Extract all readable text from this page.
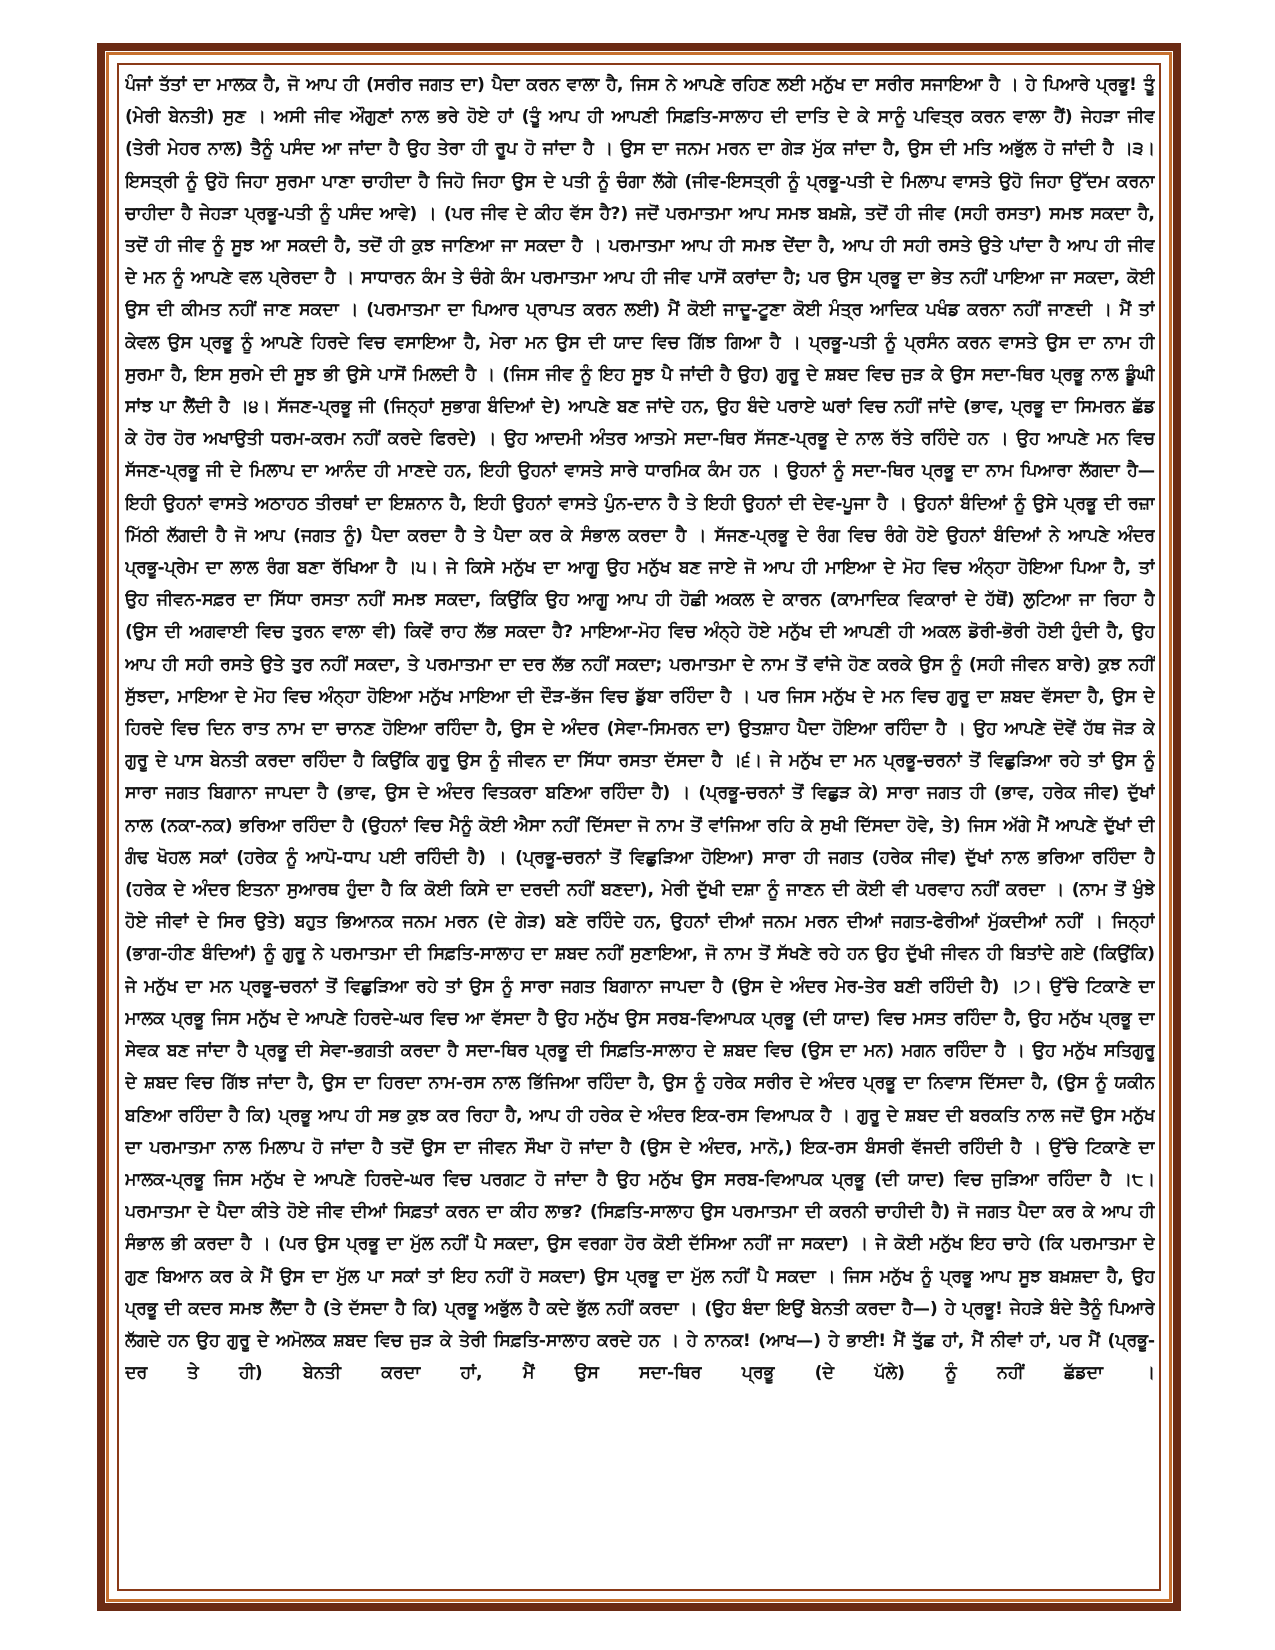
ਪੰਜਾਂ ਤੱਤਾਂ ਦਾ ਮਾਲਕ ਹੈ, ਜੋ ਆਪ ਹੀ (ਸਰੀਰ ਜਗਤ ਦਾ) ਪੈਦਾ ਕਰਨ ਵਾਲਾ ਹੈ, ਜਿਸ ਨੇ ਆਪਣੇ ਰਹਿਣ ਲਈ ਮਨੁੱਖ ਦਾ ਸਰੀਰ ਸਜਾਇਆ ਹੈ । ਹੇ ਪਿਆਰੇ ਪ੍ਰਭੂ! ਤੂੰ (ਮੇਰੀ ਬੇਨਤੀ) ਸੁਣ । ਅਸੀ ਜੀਵ ਔਗੁਣਾਂ ਨਾਲ ਭਰੇ ਹੋਏ ਹਾਂ (ਤੂੰ ਆਪ ਹੀ ਆਪਣੀ ਸਿਫ਼ਤਿ-ਸਾਲਾਹ ਦੀ ਦਾਤਿ ਦੇ ਕੇ ਸਾਨੂੰ ਪਵਿਤ੍ਰ ਕਰਨ ਵਾਲਾ ਹੈਂ) ਜੇਹੜਾ ਜੀਵ (ਤੇਰੀ ਮੇਹਰ ਨਾਲ) ਤੈਨੂੰ ਪਸੰਦ ਆ ਜਾਂਦਾ ਹੈ ਉਹ ਤੇਰਾ ਹੀ ਰੂਪ ਹੋ ਜਾਂਦਾ ਹੈ । ਉਸ ਦਾ ਜਨਮ ਮਰਨ ਦਾ ਗੇੜ ਮੁੱਕ ਜਾਂਦਾ ਹੈ, ਉਸ ਦੀ ਮਤਿ ਅਭੁੱਲ ਹੋ ਜਾਂਦੀ ਹੈ ।੩। ਇਸਤ੍ਰੀ ਨੂੰ ਉਹੋ ਜਿਹਾ ਸੁਰਮਾ ਪਾਣਾ ਚਾਹੀਦਾ ਹੈ ਜਿਹੋ ਜਿਹਾ ਉਸ ਦੇ ਪਤੀ ਨੂੰ ਚੰਗਾ ਲੱਗੇ (ਜੀਵ-ਇਸਤ੍ਰੀ ਨੂੰ ਪ੍ਰਭੂ-ਪਤੀ ਦੇ ਮਿਲਾਪ ਵਾਸਤੇ ਉਹੋ ਜਿਹਾ ਉੱਦਮ ਕਰਨਾ ਚਾਹੀਦਾ ਹੈ ਜੇਹੜਾ ਪ੍ਰਭੂ-ਪਤੀ ਨੂੰ ਪਸੰਦ ਆਵੇ) । (ਪਰ ਜੀਵ ਦੇ ਕੀਹ ਵੱਸ ਹੈ?) ਜਦੋਂ ਪਰਮਾਤਮਾ ਆਪ ਸਮਝ ਬਖ਼ਸ਼ੇ, ਤਦੋਂ ਹੀ ਜੀਵ (ਸਹੀ ਰਸਤਾ) ਸਮਝ ਸਕਦਾ ਹੈ, ਤਦੋਂ ਹੀ ਜੀਵ ਨੂੰ ਸੂਝ ਆ ਸਕਦੀ ਹੈ, ਤਦੋਂ ਹੀ ਕੁਝ ਜਾਣਿਆ ਜਾ ਸਕਦਾ ਹੈ । ਪਰਮਾਤਮਾ ਆਪ ਹੀ ਸਮਝ ਦੇਂਦਾ ਹੈ, ਆਪ ਹੀ ਸਹੀ ਰਸਤੇ ਉਤੇ ਪਾਂਦਾ ਹੈ ਆਪ ਹੀ ਜੀਵ ਦੇ ਮਨ ਨੂੰ ਆਪਣੇ ਵਲ ਪ੍ਰੇਰਦਾ ਹੈ । ਸਾਧਾਰਨ ਕੰਮ ਤੇ ਚੰਗੇ ਕੰਮ ਪਰਮਾਤਮਾ ਆਪ ਹੀ ਜੀਵ ਪਾਸੋਂ ਕਰਾਂਦਾ ਹੈ; ਪਰ ਉਸ ਪ੍ਰਭੂ ਦਾ ਭੇਤ ਨਹੀਂ ਪਾਇਆ ਜਾ ਸਕਦਾ, ਕੋਈ ਉਸ ਦੀ ਕੀਮਤ ਨਹੀਂ ਜਾਣ ਸਕਦਾ । (ਪਰਮਾਤਮਾ ਦਾ ਪਿਆਰ ਪ੍ਰਾਪਤ ਕਰਨ ਲਈ) ਮੈਂ ਕੋਈ ਜਾਦੂ-ਟੂਣਾ ਕੋਈ ਮੰਤ੍ਰ ਆਦਿਕ ਪਖੰਡ ਕਰਨਾ ਨਹੀਂ ਜਾਣਦੀ । ਮੈਂ ਤਾਂ ਕੇਵਲ ਉਸ ਪ੍ਰਭੂ ਨੂੰ ਆਪਣੇ ਹਿਰਦੇ ਵਿਚ ਵਸਾਇਆ ਹੈ, ਮੇਰਾ ਮਨ ਉਸ ਦੀ ਯਾਦ ਵਿਚ ਗਿੱਝ ਗਿਆ ਹੈ । ਪ੍ਰਭੂ-ਪਤੀ ਨੂੰ ਪ੍ਰਸੰਨ ਕਰਨ ਵਾਸਤੇ ਉਸ ਦਾ ਨਾਮ ਹੀ ਸੁਰਮਾ ਹੈ, ਇਸ ਸੁਰਮੇ ਦੀ ਸੂਝ ਭੀ ਉਸੇ ਪਾਸੋਂ ਮਿਲਦੀ ਹੈ । (ਜਿਸ ਜੀਵ ਨੂੰ ਇਹ ਸੂਝ ਪੈ ਜਾਂਦੀ ਹੈ ਉਹ) ਗੁਰੂ ਦੇ ਸ਼ਬਦ ਵਿਚ ਜੁੜ ਕੇ ਉਸ ਸਦਾ-ਥਿਰ ਪ੍ਰਭੂ ਨਾਲ ਡੂੰਘੀ ਸਾਂਝ ਪਾ ਲੈਂਦੀ ਹੈ ।੪। ਸੱਜਣ-ਪ੍ਰਭੂ ਜੀ (ਜਿਨ੍ਹਾਂ ਸੁਭਾਗ ਬੰਦਿਆਂ ਦੇ) ਆਪਣੇ ਬਣ ਜਾਂਦੇ ਹਨ, ਉਹ ਬੰਦੇ ਪਰਾਏ ਘਰਾਂ ਵਿਚ ਨਹੀਂ ਜਾਂਦੇ (ਭਾਵ, ਪ੍ਰਭੂ ਦਾ ਸਿਮਰਨ ਛੱਡ ਕੇ ਹੋਰ ਹੋਰ ਅਖਾਉਤੀ ਧਰਮ-ਕਰਮ ਨਹੀਂ ਕਰਦੇ ਫਿਰਦੇ) । ਉਹ ਆਦਮੀ ਅੰਤਰ ਆਤਮੇ ਸਦਾ-ਥਿਰ ਸੱਜਣ-ਪ੍ਰਭੂ ਦੇ ਨਾਲ ਰੱਤੇ ਰਹਿੰਦੇ ਹਨ । ਉਹ ਆਪਣੇ ਮਨ ਵਿਚ ਸੱਜਣ-ਪ੍ਰਭੂ ਜੀ ਦੇ ਮਿਲਾਪ ਦਾ ਆਨੰਦ ਹੀ ਮਾਣਦੇ ਹਨ, ਇਹੀ ਉਹਨਾਂ ਵਾਸਤੇ ਸਾਰੇ ਧਾਰਮਿਕ ਕੰਮ ਹਨ । ਉਹਨਾਂ ਨੂੰ ਸਦਾ-ਥਿਰ ਪ੍ਰਭੂ ਦਾ ਨਾਮ ਪਿਆਰਾ ਲੱਗਦਾ ਹੈ—ਇਹੀ ਉਹਨਾਂ ਵਾਸਤੇ ਅਠਾਹਠ ਤੀਰਥਾਂ ਦਾ ਇਸ਼ਨਾਨ ਹੈ, ਇਹੀ ਉਹਨਾਂ ਵਾਸਤੇ ਪੁੰਨ-ਦਾਨ ਹੈ ਤੇ ਇਹੀ ਉਹਨਾਂ ਦੀ ਦੇਵ-ਪੂਜਾ ਹੈ । ਉਹਨਾਂ ਬੰਦਿਆਂ ਨੂੰ ਉਸੇ ਪ੍ਰਭੂ ਦੀ ਰਜ਼ਾ ਮਿੱਠੀ ਲੱਗਦੀ ਹੈ ਜੋ ਆਪ (ਜਗਤ ਨੂੰ) ਪੈਦਾ ਕਰਦਾ ਹੈ ਤੇ ਪੈਦਾ ਕਰ ਕੇ ਸੰਭਾਲ ਕਰਦਾ ਹੈ । ਸੱਜਣ-ਪ੍ਰਭੂ ਦੇ ਰੰਗ ਵਿਚ ਰੰਗੇ ਹੋਏ ਉਹਨਾਂ ਬੰਦਿਆਂ ਨੇ ਆਪਣੇ ਅੰਦਰ ਪ੍ਰਭੂ-ਪ੍ਰੇਮ ਦਾ ਲਾਲ ਰੰਗ ਬਣਾ ਰੱਖਿਆ ਹੈ ।੫। ਜੇ ਕਿਸੇ ਮਨੁੱਖ ਦਾ ਆਗੂ ਉਹ ਮਨੁੱਖ ਬਣ ਜਾਏ ਜੋ ਆਪ ਹੀ ਮਾਇਆ ਦੇ ਮੋਹ ਵਿਚ ਅੰਨ੍ਹਾ ਹੋਇਆ ਪਿਆ ਹੈ, ਤਾਂ ਉਹ ਜੀਵਨ-ਸਫ਼ਰ ਦਾ ਸਿੱਧਾ ਰਸਤਾ ਨਹੀਂ ਸਮਝ ਸਕਦਾ, ਕਿਉਂਕਿ ਉਹ ਆਗੂ ਆਪ ਹੀ ਹੋਛੀ ਅਕਲ ਦੇ ਕਾਰਨ (ਕਾਮਾਦਿਕ ਵਿਕਾਰਾਂ ਦੇ ਹੱਥੋਂ) ਲੁਟਿਆ ਜਾ ਰਿਹਾ ਹੈ (ਉਸ ਦੀ ਅਗਵਾਈ ਵਿਚ ਤੁਰਨ ਵਾਲਾ ਵੀ) ਕਿਵੇਂ ਰਾਹ ਲੱਭ ਸਕਦਾ ਹੈ? ਮਾਇਆ-ਮੋਹ ਵਿਚ ਅੰਨ੍ਹੇ ਹੋਏ ਮਨੁੱਖ ਦੀ ਆਪਣੀ ਹੀ ਅਕਲ ਡੋਰੀ-ਭੋਰੀ ਹੋਈ ਹੁੰਦੀ ਹੈ, ਉਹ ਆਪ ਹੀ ਸਹੀ ਰਸਤੇ ਉਤੇ ਤੁਰ ਨਹੀਂ ਸਕਦਾ, ਤੇ ਪਰਮਾਤਮਾ ਦਾ ਦਰ ਲੱਭ ਨਹੀਂ ਸਕਦਾ; ਪਰਮਾਤਮਾ ਦੇ ਨਾਮ ਤੋਂ ਵਾਂਜੇ ਹੋਣ ਕਰਕੇ ਉਸ ਨੂੰ (ਸਹੀ ਜੀਵਨ ਬਾਰੇ) ਕੁਝ ਨਹੀਂ ਸੁੱਝਦਾ, ਮਾਇਆ ਦੇ ਮੋਹ ਵਿਚ ਅੰਨ੍ਹਾ ਹੋਇਆ ਮਨੁੱਖ ਮਾਇਆ ਦੀ ਦੌੜ-ਭੱਜ ਵਿਚ ਡੁੱਬਾ ਰਹਿੰਦਾ ਹੈ । ਪਰ ਜਿਸ ਮਨੁੱਖ ਦੇ ਮਨ ਵਿਚ ਗੁਰੂ ਦਾ ਸ਼ਬਦ ਵੱਸਦਾ ਹੈ, ਉਸ ਦੇ ਹਿਰਦੇ ਵਿਚ ਦਿਨ ਰਾਤ ਨਾਮ ਦਾ ਚਾਨਣ ਹੋਇਆ ਰਹਿੰਦਾ ਹੈ, ਉਸ ਦੇ ਅੰਦਰ (ਸੇਵਾ-ਸਿਮਰਨ ਦਾ) ਉਤਸ਼ਾਹ ਪੈਦਾ ਹੋਇਆ ਰਹਿੰਦਾ ਹੈ । ਉਹ ਆਪਣੇ ਦੋਵੇਂ ਹੱਥ ਜੋੜ ਕੇ ਗੁਰੂ ਦੇ ਪਾਸ ਬੇਨਤੀ ਕਰਦਾ ਰਹਿੰਦਾ ਹੈ ਕਿਉਂਕਿ ਗੁਰੂ ਉਸ ਨੂੰ ਜੀਵਨ ਦਾ ਸਿੱਧਾ ਰਸਤਾ ਦੱਸਦਾ ਹੈ ।੬। ਜੇ ਮਨੁੱਖ ਦਾ ਮਨ ਪ੍ਰਭੂ-ਚਰਨਾਂ ਤੋਂ ਵਿਛੁੜਿਆ ਰਹੇ ਤਾਂ ਉਸ ਨੂੰ ਸਾਰਾ ਜਗਤ ਬਿਗਾਨਾ ਜਾਪਦਾ ਹੈ (ਭਾਵ, ਉਸ ਦੇ ਅੰਦਰ ਵਿਤਕਰਾ ਬਣਿਆ ਰਹਿੰਦਾ ਹੈ) । (ਪ੍ਰਭੂ-ਚਰਨਾਂ ਤੋਂ ਵਿਛੁੜ ਕੇ) ਸਾਰਾ ਜਗਤ ਹੀ (ਭਾਵ, ਹਰੇਕ ਜੀਵ) ਦੁੱਖਾਂ ਨਾਲ (ਨਕਾ-ਨਕ) ਭਰਿਆ ਰਹਿੰਦਾ ਹੈ (ਉਹਨਾਂ ਵਿਚ ਮੈਨੂੰ ਕੋਈ ਐਸਾ ਨਹੀਂ ਦਿੱਸਦਾ ਜੋ ਨਾਮ ਤੋਂ ਵਾਂਜਿਆ ਰਹਿ ਕੇ ਸੁਖੀ ਦਿੱਸਦਾ ਹੋਵੇ, ਤੇ) ਜਿਸ ਅੱਗੇ ਮੈਂ ਆਪਣੇ ਦੁੱਖਾਂ ਦੀ ਗੰਢ ਖੋਹਲ ਸਕਾਂ (ਹਰੇਕ ਨੂੰ ਆਪੋ-ਧਾਪ ਪਈ ਰਹਿੰਦੀ ਹੈ) । (ਪ੍ਰਭੂ-ਚਰਨਾਂ ਤੋਂ ਵਿਛੁੜਿਆ ਹੋਇਆ) ਸਾਰਾ ਹੀ ਜਗਤ (ਹਰੇਕ ਜੀਵ) ਦੁੱਖਾਂ ਨਾਲ ਭਰਿਆ ਰਹਿੰਦਾ ਹੈ (ਹਰੇਕ ਦੇ ਅੰਦਰ ਇਤਨਾ ਸੁਆਰਥ ਹੁੰਦਾ ਹੈ ਕਿ ਕੋਈ ਕਿਸੇ ਦਾ ਦਰਦੀ ਨਹੀਂ ਬਣਦਾ), ਮੇਰੀ ਦੁੱਖੀ ਦਸ਼ਾ ਨੂੰ ਜਾਣਨ ਦੀ ਕੋਈ ਵੀ ਪਰਵਾਹ ਨਹੀਂ ਕਰਦਾ । (ਨਾਮ ਤੋਂ ਖੁੰਝੇ ਹੋਏ ਜੀਵਾਂ ਦੇ ਸਿਰ ਉਤੇ) ਬਹੁਤ ਭਿਆਨਕ ਜਨਮ ਮਰਨ (ਦੇ ਗੇੜ) ਬਣੇ ਰਹਿੰਦੇ ਹਨ, ਉਹਨਾਂ ਦੀਆਂ ਜਨਮ ਮਰਨ ਦੀਆਂ ਜਗਤ-ਫੇਰੀਆਂ ਮੁੱਕਦੀਆਂ ਨਹੀਂ । ਜਿਨ੍ਹਾਂ (ਭਾਗ-ਹੀਣ ਬੰਦਿਆਂ) ਨੂੰ ਗੁਰੂ ਨੇ ਪਰਮਾਤਮਾ ਦੀ ਸਿਫ਼ਤਿ-ਸਾਲਾਹ ਦਾ ਸ਼ਬਦ ਨਹੀਂ ਸੁਣਾਇਆ, ਜੋ ਨਾਮ ਤੋਂ ਸੱਖਣੇ ਰਹੇ ਹਨ ਉਹ ਦੁੱਖੀ ਜੀਵਨ ਹੀ ਬਿਤਾਂਦੇ ਗਏ (ਕਿਉਂਕਿ) ਜੇ ਮਨੁੱਖ ਦਾ ਮਨ ਪ੍ਰਭੂ-ਚਰਨਾਂ ਤੋਂ ਵਿਛੁੜਿਆ ਰਹੇ ਤਾਂ ਉਸ ਨੂੰ ਸਾਰਾ ਜਗਤ ਬਿਗਾਨਾ ਜਾਪਦਾ ਹੈ (ਉਸ ਦੇ ਅੰਦਰ ਮੇਰ-ਤੇਰ ਬਣੀ ਰਹਿੰਦੀ ਹੈ) ।੭। ਉੱਚੇ ਟਿਕਾਣੇ ਦਾ ਮਾਲਕ ਪ੍ਰਭੂ ਜਿਸ ਮਨੁੱਖ ਦੇ ਆਪਣੇ ਹਿਰਦੇ-ਘਰ ਵਿਚ ਆ ਵੱਸਦਾ ਹੈ ਉਹ ਮਨੁੱਖ ਉਸ ਸਰਬ-ਵਿਆਪਕ ਪ੍ਰਭੂ (ਦੀ ਯਾਦ) ਵਿਚ ਮਸਤ ਰਹਿੰਦਾ ਹੈ, ਉਹ ਮਨੁੱਖ ਪ੍ਰਭੂ ਦਾ ਸੇਵਕ ਬਣ ਜਾਂਦਾ ਹੈ ਪ੍ਰਭੂ ਦੀ ਸੇਵਾ-ਭਗਤੀ ਕਰਦਾ ਹੈ ਸਦਾ-ਥਿਰ ਪ੍ਰਭੂ ਦੀ ਸਿਫ਼ਤਿ-ਸਾਲਾਹ ਦੇ ਸ਼ਬਦ ਵਿਚ (ਉਸ ਦਾ ਮਨ) ਮਗਨ ਰਹਿੰਦਾ ਹੈ । ਉਹ ਮਨੁੱਖ ਸਤਿਗੁਰੂ ਦੇ ਸ਼ਬਦ ਵਿਚ ਗਿੱਝ ਜਾਂਦਾ ਹੈ, ਉਸ ਦਾ ਹਿਰਦਾ ਨਾਮ-ਰਸ ਨਾਲ ਭਿੱਜਿਆ ਰਹਿੰਦਾ ਹੈ, ਉਸ ਨੂੰ ਹਰੇਕ ਸਰੀਰ ਦੇ ਅੰਦਰ ਪ੍ਰਭੂ ਦਾ ਨਿਵਾਸ ਦਿੱਸਦਾ ਹੈ, (ਉਸ ਨੂੰ ਯਕੀਨ ਬਣਿਆ ਰਹਿੰਦਾ ਹੈ ਕਿ) ਪ੍ਰਭੂ ਆਪ ਹੀ ਸਭ ਕੁਝ ਕਰ ਰਿਹਾ ਹੈ, ਆਪ ਹੀ ਹਰੇਕ ਦੇ ਅੰਦਰ ਇਕ-ਰਸ ਵਿਆਪਕ ਹੈ । ਗੁਰੂ ਦੇ ਸ਼ਬਦ ਦੀ ਬਰਕਤਿ ਨਾਲ ਜਦੋਂ ਉਸ ਮਨੁੱਖ ਦਾ ਪਰਮਾਤਮਾ ਨਾਲ ਮਿਲਾਪ ਹੋ ਜਾਂਦਾ ਹੈ ਤਦੋਂ ਉਸ ਦਾ ਜੀਵਨ ਸੌਖਾ ਹੋ ਜਾਂਦਾ ਹੈ (ਉਸ ਦੇ ਅੰਦਰ, ਮਾਨੋ,) ਇਕ-ਰਸ ਬੰਸਰੀ ਵੱਜਦੀ ਰਹਿੰਦੀ ਹੈ । ਉੱਚੇ ਟਿਕਾਣੇ ਦਾ ਮਾਲਕ-ਪ੍ਰਭੂ ਜਿਸ ਮਨੁੱਖ ਦੇ ਆਪਣੇ ਹਿਰਦੇ-ਘਰ ਵਿਚ ਪਰਗਟ ਹੋ ਜਾਂਦਾ ਹੈ ਉਹ ਮਨੁੱਖ ਉਸ ਸਰਬ-ਵਿਆਪਕ ਪ੍ਰਭੂ (ਦੀ ਯਾਦ) ਵਿਚ ਜੁੜਿਆ ਰਹਿੰਦਾ ਹੈ ।੮। ਪਰਮਾਤਮਾ ਦੇ ਪੈਦਾ ਕੀਤੇ ਹੋਏ ਜੀਵ ਦੀਆਂ ਸਿਫ਼ਤਾਂ ਕਰਨ ਦਾ ਕੀਹ ਲਾਭ? (ਸਿਫ਼ਤਿ-ਸਾਲਾਹ ਉਸ ਪਰਮਾਤਮਾ ਦੀ ਕਰਨੀ ਚਾਹੀਦੀ ਹੈ) ਜੋ ਜਗਤ ਪੈਦਾ ਕਰ ਕੇ ਆਪ ਹੀ ਸੰਭਾਲ ਭੀ ਕਰਦਾ ਹੈ । (ਪਰ ਉਸ ਪ੍ਰਭੂ ਦਾ ਮੁੱਲ ਨਹੀਂ ਪੈ ਸਕਦਾ, ਉਸ ਵਰਗਾ ਹੋਰ ਕੋਈ ਦੱਸਿਆ ਨਹੀਂ ਜਾ ਸਕਦਾ) । ਜੇ ਕੋਈ ਮਨੁੱਖ ਇਹ ਚਾਹੇ (ਕਿ ਪਰਮਾਤਮਾ ਦੇ ਗੁਣ ਬਿਆਨ ਕਰ ਕੇ ਮੈਂ ਉਸ ਦਾ ਮੁੱਲ ਪਾ ਸਕਾਂ ਤਾਂ ਇਹ ਨਹੀਂ ਹੋ ਸਕਦਾ) ਉਸ ਪ੍ਰਭੂ ਦਾ ਮੁੱਲ ਨਹੀਂ ਪੈ ਸਕਦਾ । ਜਿਸ ਮਨੁੱਖ ਨੂੰ ਪ੍ਰਭੂ ਆਪ ਸੂਝ ਬਖ਼ਸ਼ਦਾ ਹੈ, ਉਹ ਪ੍ਰਭੂ ਦੀ ਕਦਰ ਸਮਝ ਲੈਂਦਾ ਹੈ (ਤੇ ਦੱਸਦਾ ਹੈ ਕਿ) ਪ੍ਰਭੂ ਅਭੁੱਲ ਹੈ ਕਦੇ ਭੁੱਲ ਨਹੀਂ ਕਰਦਾ । (ਉਹ ਬੰਦਾ ਇਉਂ ਬੇਨਤੀ ਕਰਦਾ ਹੈ—) ਹੇ ਪ੍ਰਭੂ! ਜੇਹੜੇ ਬੰਦੇ ਤੈਨੂੰ ਪਿਆਰੇ ਲੱਗਦੇ ਹਨ ਉਹ ਗੁਰੂ ਦੇ ਅਮੋਲਕ ਸ਼ਬਦ ਵਿਚ ਜੁੜ ਕੇ ਤੇਰੀ ਸਿਫ਼ਤਿ-ਸਾਲਾਹ ਕਰਦੇ ਹਨ । ਹੇ ਨਾਨਕ! (ਆਖ—) ਹੇ ਭਾਈ! ਮੈਂ ਤੁੱਛ ਹਾਂ, ਮੈਂ ਨੀਵਾਂ ਹਾਂ, ਪਰ ਮੈਂ (ਪ੍ਰਭੂ-ਦਰ ਤੇ ਹੀ) ਬੇਨਤੀ ਕਰਦਾ ਹਾਂ, ਮੈਂ ਉਸ ਸਦਾ-ਥਿਰ ਪ੍ਰਭੂ (ਦੇ ਪੱਲੇ) ਨੂੰ ਨਹੀਂ ਛੱਡਦਾ ।
